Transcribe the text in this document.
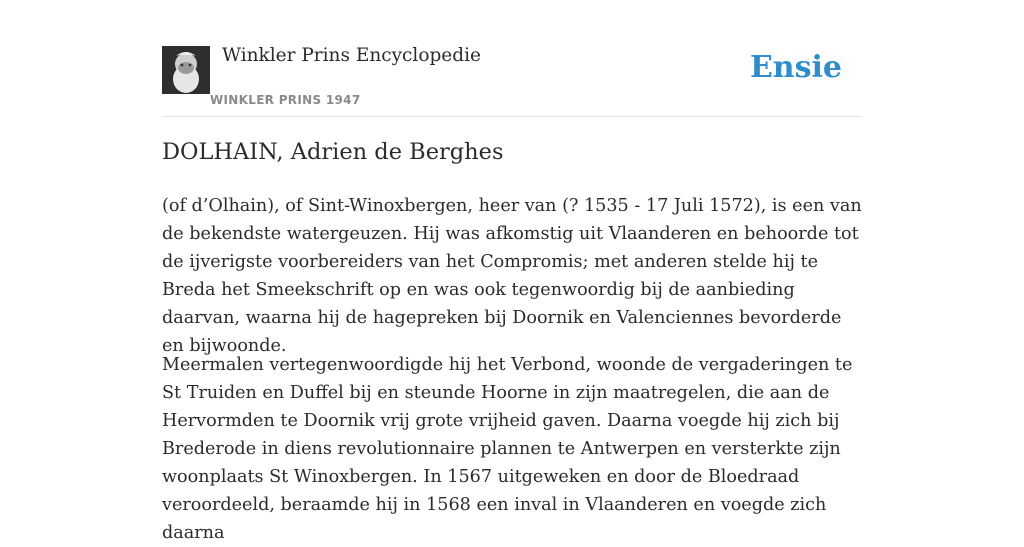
Winkler Prins Encyclopedie
WINKLER PRINS 1947
Ensie
DOLHAIN, Adrien de Berghes

(of d’Olhain), of Sint-Winoxbergen, heer van (? 1535 - 17 Juli 1572), is een van de bekendste watergeuzen. Hij was afkomstig uit Vlaanderen en behoorde tot de ijverigste voorbereiders van het Compromis; met anderen stelde hij te Breda het Smeekschrift op en was ook tegenwoordig bij de aanbieding daarvan, waarna hij de hagepreken bij Doornik en Valenciennes bevorderde en bijwoonde.

Meermalen vertegenwoordigde hij het Verbond, woonde de vergaderingen te St Truiden en Duffel bij en steunde Hoorne in zijn maatregelen, die aan de Hervormden te Doornik vrij grote vrijheid gaven. Daarna voegde hij zich bij Brederode in diens revolutionnaire plannen te Antwerpen en versterkte zijn woonplaats St Winoxbergen. In 1567 uitgeweken en door de Bloedraad veroordeeld, beraamde hij in 1568 een inval in Vlaanderen en voegde zich daarna
